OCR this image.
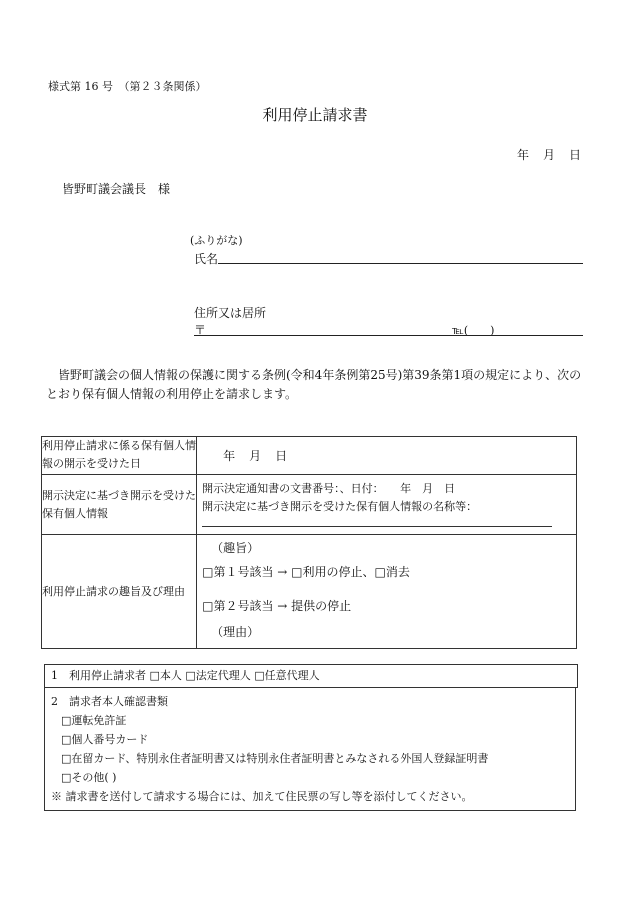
様式第 16 号　（第２３条関係）
利用停止請求書
年　月　日
皆野町議会議長　様
(ふりがな)
氏名
住所又は居所
〒	℡(　　)
皆野町議会の個人情報の保護に関する条例(令和4年条例第25号)第39条第1項の規定により、次のとおり保有個人情報の利用停止を請求します。
利用停止請求に係る保有個人情報の開示を受けた日	年　月　日

開示決定に基づき開示を受けた保有個人情報	開示決定通知書の文書番号：、日付：　　年　月　日
開示決定に基づき開示を受けた保有個人情報の名称等：

利用停止請求の趣旨及び理由	（趣旨）
□第１号該当 → □利用の停止、□消去
□第２号該当 → 提供の停止
（理由）
1　利用停止請求者 □本人 □法定代理人 □任意代理人
2　請求者本人確認書類
□運転免許証
□個人番号カード
□在留カード、特別永住者証明書又は特別永住者証明書とみなされる外国人登録証明書
□その他( )
※ 請求書を送付して請求する場合には、加えて住民票の写し等を添付してください。
